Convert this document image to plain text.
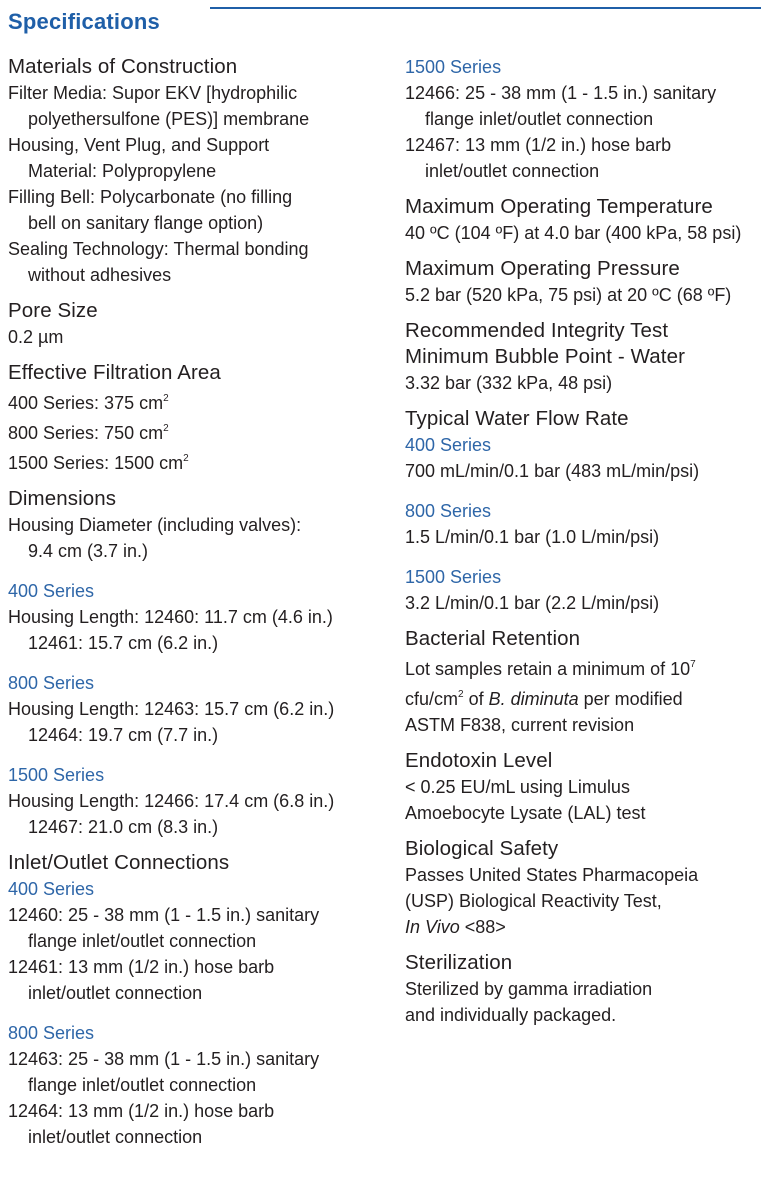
Specifications
Materials of Construction
Filter Media: Supor EKV [hydrophilic
polyethersulfone (PES)] membrane
Housing, Vent Plug, and Support
Material: Polypropylene
Filling Bell: Polycarbonate (no filling
bell on sanitary flange option)
Sealing Technology: Thermal bonding
without adhesives
Pore Size
0.2 µm
Effective Filtration Area
400 Series: 375 $cm^2$
800 Series: 750 $cm^2$
1500 Series: 1500 $cm^2$
Dimensions
Housing Diameter (including valves):
9.4 cm (3.7 in.)
400 Series
Housing Length: 12460: 11.7 cm (4.6 in.)
12461: 15.7 cm (6.2 in.)
800 Series
Housing Length: 12463: 15.7 cm (6.2 in.)
12464: 19.7 cm (7.7 in.)
1500 Series
Housing Length: 12466: 17.4 cm (6.8 in.)
12467: 21.0 cm (8.3 in.)
Inlet/Outlet Connections
400 Series
12460: 25 - 38 mm (1 - 1.5 in.) sanitary
flange inlet/outlet connection
12461: 13 mm (1/2 in.) hose barb
inlet/outlet connection
800 Series
12463: 25 - 38 mm (1 - 1.5 in.) sanitary
flange inlet/outlet connection
12464: 13 mm (1/2 in.) hose barb
inlet/outlet connection
1500 Series
12466: 25 - 38 mm (1 - 1.5 in.) sanitary
flange inlet/outlet connection
12467: 13 mm (1/2 in.) hose barb
inlet/outlet connection
Maximum Operating Temperature
40 ºC (104 ºF) at 4.0 bar (400 kPa, 58 psi)
Maximum Operating Pressure
5.2 bar (520 kPa, 75 psi) at 20 ºC (68 ºF)
Recommended Integrity Test
Minimum Bubble Point - Water
3.32 bar (332 kPa, 48 psi)
Typical Water Flow Rate
400 Series
700 mL/min/0.1 bar (483 mL/min/psi)
800 Series
1.5 L/min/0.1 bar (1.0 L/min/psi)
1500 Series
3.2 L/min/0.1 bar (2.2 L/min/psi)
Bacterial Retention
Lot samples retain a minimum of $10^7$
cfu/$cm^2$ of B. diminuta per modified
ASTM F838, current revision
Endotoxin Level
< 0.25 EU/mL using Limulus
Amoebocyte Lysate (LAL) test
Biological Safety
Passes United States Pharmacopeia
(USP) Biological Reactivity Test,
In Vivo <88>
Sterilization
Sterilized by gamma irradiation
and individually packaged.
